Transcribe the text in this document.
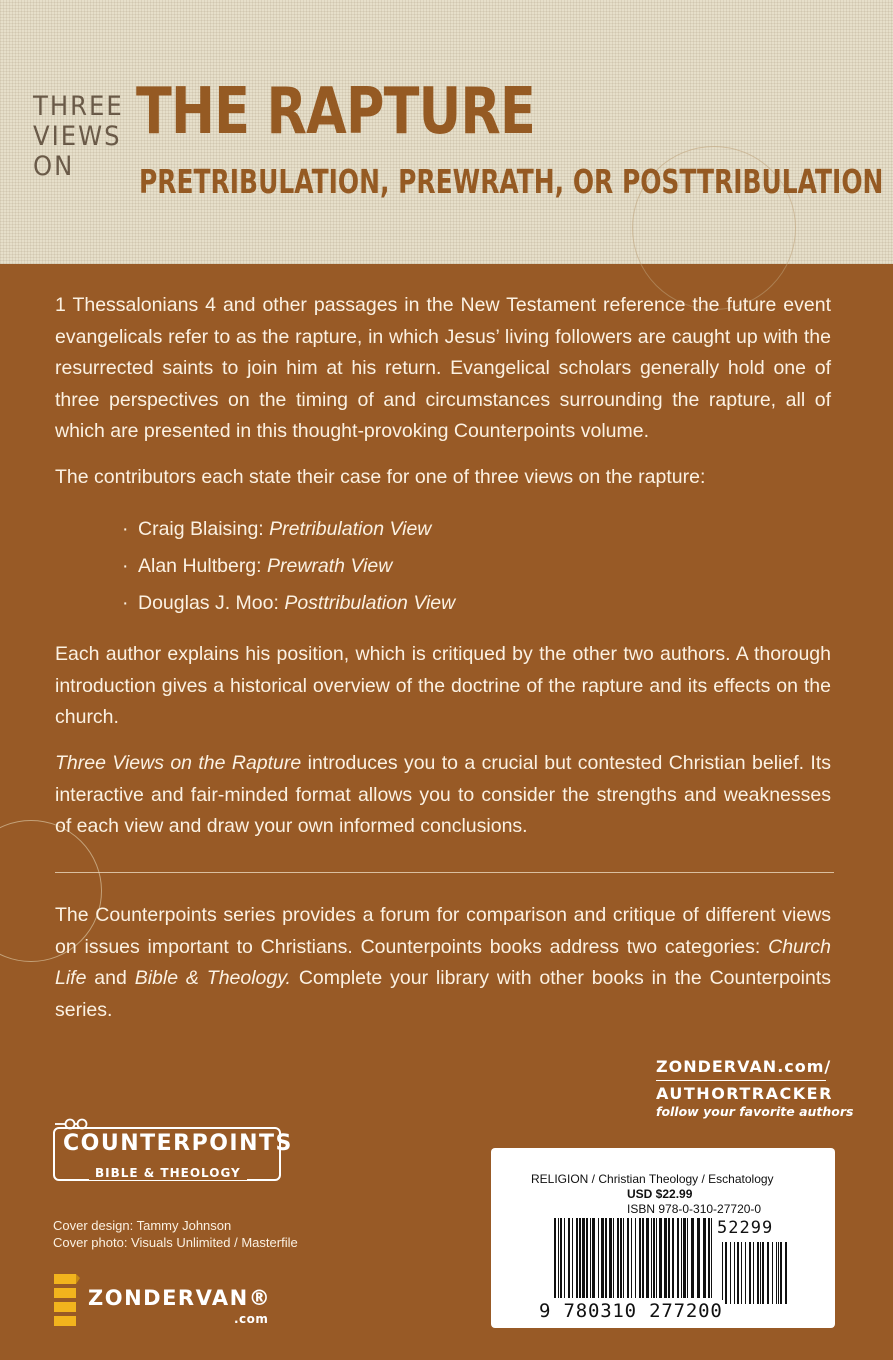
THREE
VIEWS
ON
THE RAPTURE
PRETRIBULATION, PREWRATH, OR POSTTRIBULATION
1 Thessalonians 4 and other passages in the New Testament reference the future event evangelicals refer to as the rapture, in which Jesus’ living followers are caught up with the resurrected saints to join him at his return. Evangelical scholars generally hold one of three perspectives on the timing of and circumstances surrounding the rapture, all of which are presented in this thought-provoking Counterpoints volume.
The contributors each state their case for one of three views on the rapture:
· Craig Blaising: Pretribulation View
· Alan Hultberg: Prewrath View
· Douglas J. Moo: Posttribulation View
Each author explains his position, which is critiqued by the other two authors. A thorough introduction gives a historical overview of the doctrine of the rapture and its effects on the church.
Three Views on the Rapture introduces you to a crucial but contested Christian belief. Its interactive and fair-minded format allows you to consider the strengths and weaknesses of each view and draw your own informed conclusions.
The Counterpoints series provides a forum for comparison and critique of different views on issues important to Christians. Counterpoints books address two categories: Church Life and Bible & Theology. Complete your library with other books in the Counterpoints series.
ZONDERVAN.com/
AUTHORTRACKER
follow your favorite authors
COUNTERPOINTS
BIBLE & THEOLOGY
Cover design: Tammy Johnson
Cover photo: Visuals Unlimited / Masterfile
ZONDERVAN®
.com
RELIGION / Christian Theology / Eschatology
USD $22.99
ISBN 978-0-310-27720-0
52299
9 780310 277200
